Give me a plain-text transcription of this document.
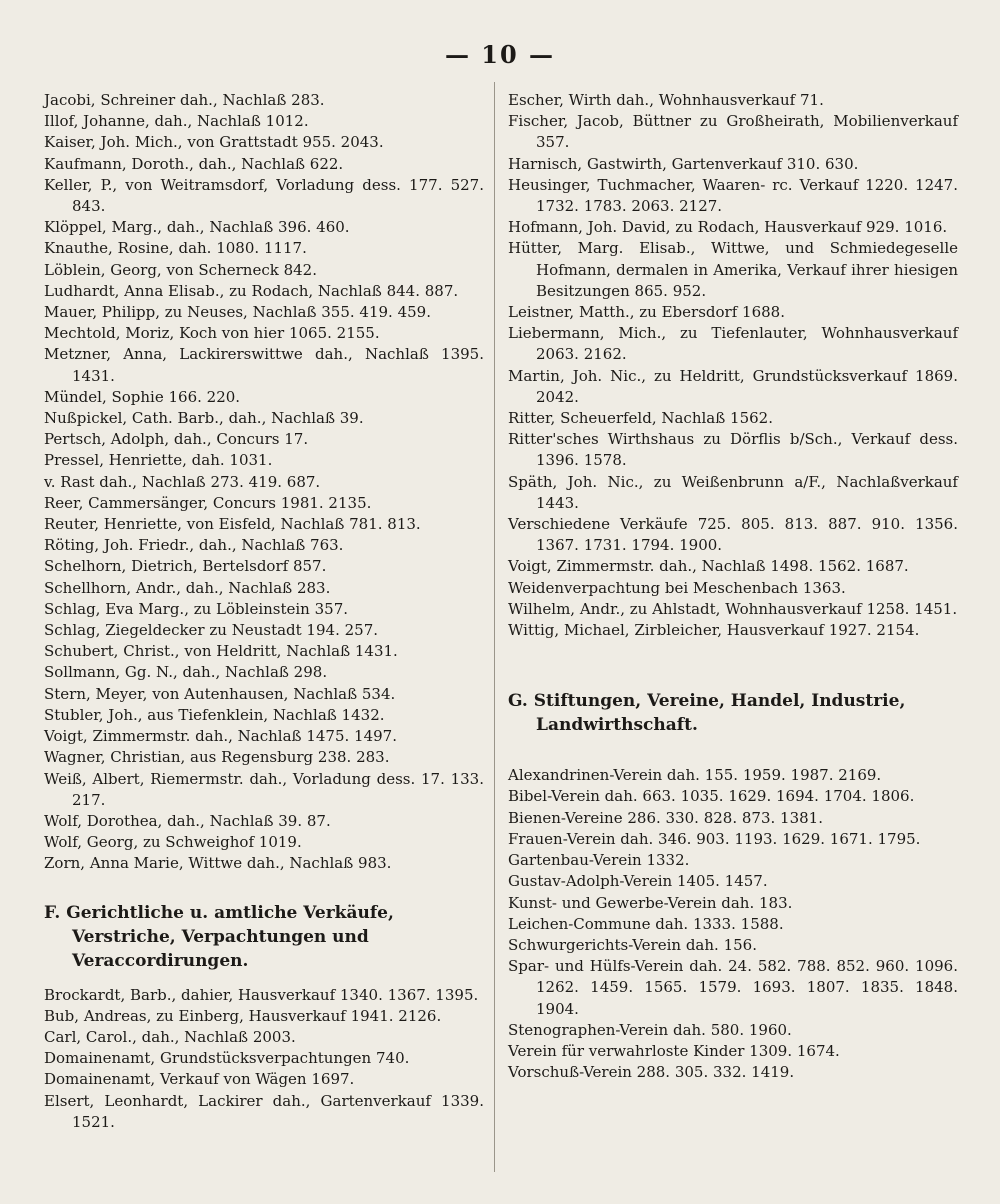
— 10 —
Jacobi, Schreiner dah., Nachlaß 283.
Illof, Johanne, dah., Nachlaß 1012.
Kaiser, Joh. Mich., von Grattstadt 955. 2043.
Kaufmann, Doroth., dah., Nachlaß 622.
Keller, P., von Weitramsdorf, Vorladung dess. 177. 527. 843.
Klöppel, Marg., dah., Nachlaß 396. 460.
Knauthe, Rosine, dah. 1080. 1117.
Löblein, Georg, von Scherneck 842.
Ludhardt, Anna Elisab., zu Rodach, Nachlaß 844. 887.
Mauer, Philipp, zu Neuses, Nachlaß 355. 419. 459.
Mechtold, Moriz, Koch von hier 1065. 2155.
Metzner, Anna, Lackirerswittwe dah., Nachlaß 1395. 1431.
Mündel, Sophie 166. 220.
Nußpickel, Cath. Barb., dah., Nachlaß 39.
Pertsch, Adolph, dah., Concurs 17.
Pressel, Henriette, dah. 1031.
v. Rast dah., Nachlaß 273. 419. 687.
Reer, Cammersänger, Concurs 1981. 2135.
Reuter, Henriette, von Eisfeld, Nachlaß 781. 813.
Röting, Joh. Friedr., dah., Nachlaß 763.
Schelhorn, Dietrich, Bertelsdorf 857.
Schellhorn, Andr., dah., Nachlaß 283.
Schlag, Eva Marg., zu Löbleinstein 357.
Schlag, Ziegeldecker zu Neustadt 194. 257.
Schubert, Christ., von Heldritt, Nachlaß 1431.
Sollmann, Gg. N., dah., Nachlaß 298.
Stern, Meyer, von Autenhausen, Nachlaß 534.
Stubler, Joh., aus Tiefenklein, Nachlaß 1432.
Voigt, Zimmermstr. dah., Nachlaß 1475. 1497.
Wagner, Christian, aus Regensburg 238. 283.
Weiß, Albert, Riemermstr. dah., Vorladung dess. 17. 133. 217.
Wolf, Dorothea, dah., Nachlaß 39. 87.
Wolf, Georg, zu Schweighof 1019.
Zorn, Anna Marie, Wittwe dah., Nachlaß 983.
F. Gerichtliche u. amtliche Verkäufe, Verstriche, Verpachtungen und Veraccordirungen.
Brockardt, Barb., dahier, Hausverkauf 1340. 1367. 1395.
Bub, Andreas, zu Einberg, Hausverkauf 1941. 2126.
Carl, Carol., dah., Nachlaß 2003.
Domainenamt, Grundstücksverpachtungen 740.
Domainenamt, Verkauf von Wägen 1697.
Elsert, Leonhardt, Lackirer dah., Gartenverkauf 1339. 1521.
Escher, Wirth dah., Wohnhausverkauf 71.
Fischer, Jacob, Büttner zu Großheirath, Mobilienverkauf 357.
Harnisch, Gastwirth, Gartenverkauf 310. 630.
Heusinger, Tuchmacher, Waaren- rc. Verkauf 1220. 1247. 1732. 1783. 2063. 2127.
Hofmann, Joh. David, zu Rodach, Hausverkauf 929. 1016.
Hütter, Marg. Elisab., Wittwe, und Schmiedegeselle Hofmann, dermalen in Amerika, Verkauf ihrer hiesigen Besitzungen 865. 952.
Leistner, Matth., zu Ebersdorf 1688.
Liebermann, Mich., zu Tiefenlauter, Wohnhausverkauf 2063. 2162.
Martin, Joh. Nic., zu Heldritt, Grundstücksverkauf 1869. 2042.
Ritter, Scheuerfeld, Nachlaß 1562.
Ritter'sches Wirthshaus zu Dörflis b/Sch., Verkauf dess. 1396. 1578.
Späth, Joh. Nic., zu Weißenbrunn a/F., Nachlaßverkauf 1443.
Verschiedene Verkäufe 725. 805. 813. 887. 910. 1356. 1367. 1731. 1794. 1900.
Voigt, Zimmermstr. dah., Nachlaß 1498. 1562. 1687.
Weidenverpachtung bei Meschenbach 1363.
Wilhelm, Andr., zu Ahlstadt, Wohnhausverkauf 1258. 1451.
Wittig, Michael, Zirbleicher, Hausverkauf 1927. 2154.
G. Stiftungen, Vereine, Handel, Industrie, Landwirthschaft.
Alexandrinen-Verein dah. 155. 1959. 1987. 2169.
Bibel-Verein dah. 663. 1035. 1629. 1694. 1704. 1806.
Bienen-Vereine 286. 330. 828. 873. 1381.
Frauen-Verein dah. 346. 903. 1193. 1629. 1671. 1795.
Gartenbau-Verein 1332.
Gustav-Adolph-Verein 1405. 1457.
Kunst- und Gewerbe-Verein dah. 183.
Leichen-Commune dah. 1333. 1588.
Schwurgerichts-Verein dah. 156.
Spar- und Hülfs-Verein dah. 24. 582. 788. 852. 960. 1096. 1262. 1459. 1565. 1579. 1693. 1807. 1835. 1848. 1904.
Stenographen-Verein dah. 580. 1960.
Verein für verwahrloste Kinder 1309. 1674.
Vorschuß-Verein 288. 305. 332. 1419.
